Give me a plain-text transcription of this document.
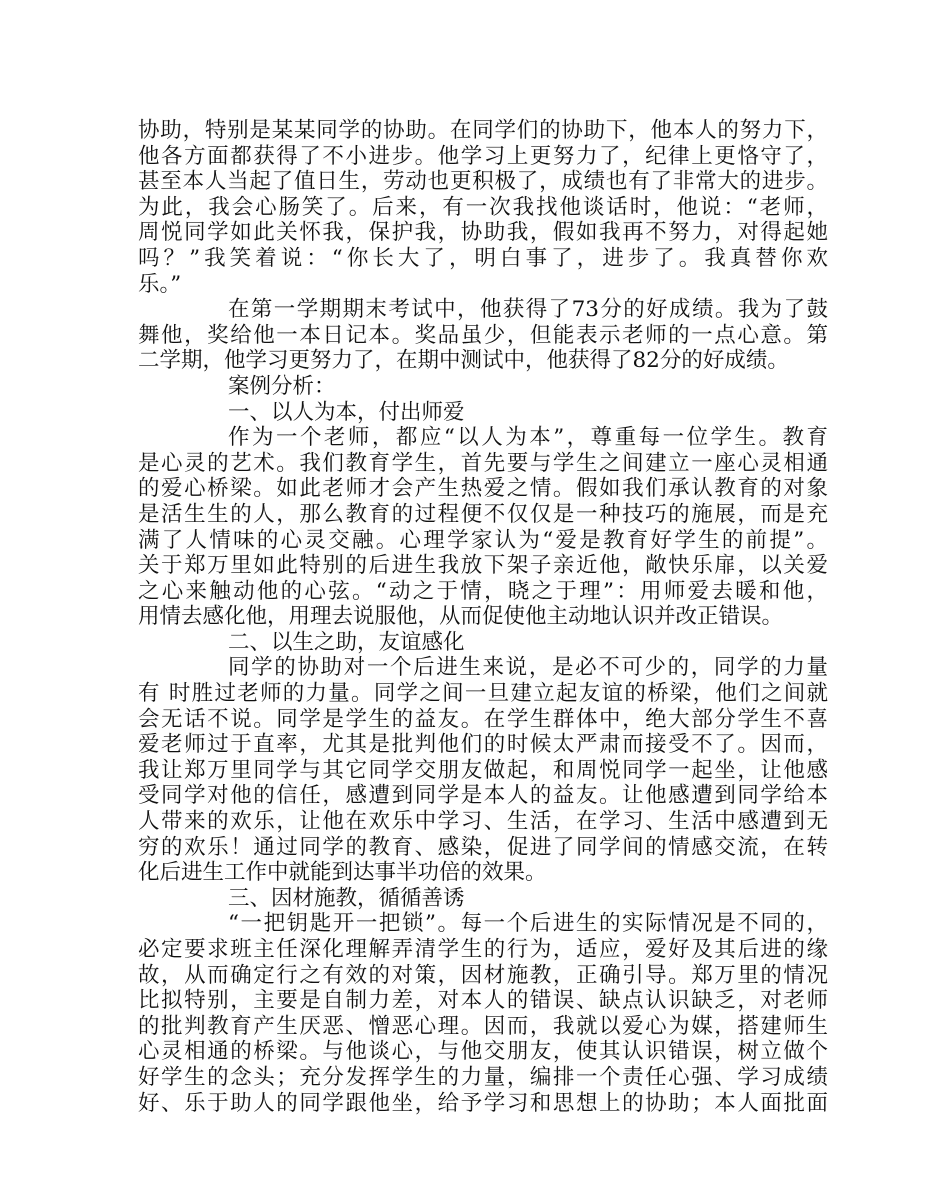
协助，特别是某某同学的协助。在同学们的协助下，他本人的努力下，
他各方面都获得了不小进步。他学习上更努力了，纪律上更恪守了，
甚至本人当起了值日生，劳动也更积极了，成绩也有了非常大的进步。
为此，我会心肠笑了。后来，有一次我找他谈话时，他说：“老师，
周悦同学如此关怀我，保护我，协助我，假如我再不努力，对得起她
吗？”我笑着说：“你长大了，明白事了，进步了。我真替你欢
乐。”
在第一学期期末考试中，他获得了73分的好成绩。我为了鼓
舞他，奖给他一本日记本。奖品虽少，但能表示老师的一点心意。第
二学期，他学习更努力了，在期中测试中，他获得了82分的好成绩。
案例分析：
一、以人为本，付出师爱
作为一个老师，都应“以人为本”，尊重每一位学生。教育
是心灵的艺术。我们教育学生，首先要与学生之间建立一座心灵相通
的爱心桥梁。如此老师才会产生热爱之情。假如我们承认教育的对象
是活生生的人，那么教育的过程便不仅仅是一种技巧的施展，而是充
满了人情味的心灵交融。心理学家认为“爱是教育好学生的前提”。
关于郑万里如此特别的后进生我放下架子亲近他，敞快乐扉，以关爱
之心来触动他的心弦。“动之于情，晓之于理”：用师爱去暖和他，
用情去感化他，用理去说服他，从而促使他主动地认识并改正错误。
二、以生之助，友谊感化
同学的协助对一个后进生来说，是必不可少的，同学的力量
有 时胜过老师的力量。同学之间一旦建立起友谊的桥梁，他们之间就
会无话不说。同学是学生的益友。在学生群体中，绝大部分学生不喜
爱老师过于直率，尤其是批判他们的时候太严肃而接受不了。因而，
我让郑万里同学与其它同学交朋友做起，和周悦同学一起坐，让他感
受同学对他的信任，感遭到同学是本人的益友。让他感遭到同学给本
人带来的欢乐，让他在欢乐中学习、生活，在学习、生活中感遭到无
穷的欢乐！通过同学的教育、感染，促进了同学间的情感交流，在转
化后进生工作中就能到达事半功倍的效果。
三、因材施教，循循善诱
“一把钥匙开一把锁”。每一个后进生的实际情况是不同的，
必定要求班主任深化理解弄清学生的行为，适应，爱好及其后进的缘
故，从而确定行之有效的对策，因材施教，正确引导。郑万里的情况
比拟特别，主要是自制力差，对本人的错误、缺点认识缺乏，对老师
的批判教育产生厌恶、憎恶心理。因而，我就以爱心为媒，搭建师生
心灵相通的桥梁。与他谈心，与他交朋友，使其认识错误，树立做个
好学生的念头；充分发挥学生的力量，编排一个责任心强、学习成绩
好、乐于助人的同学跟他坐，给予学习和思想上的协助；本人面批面
